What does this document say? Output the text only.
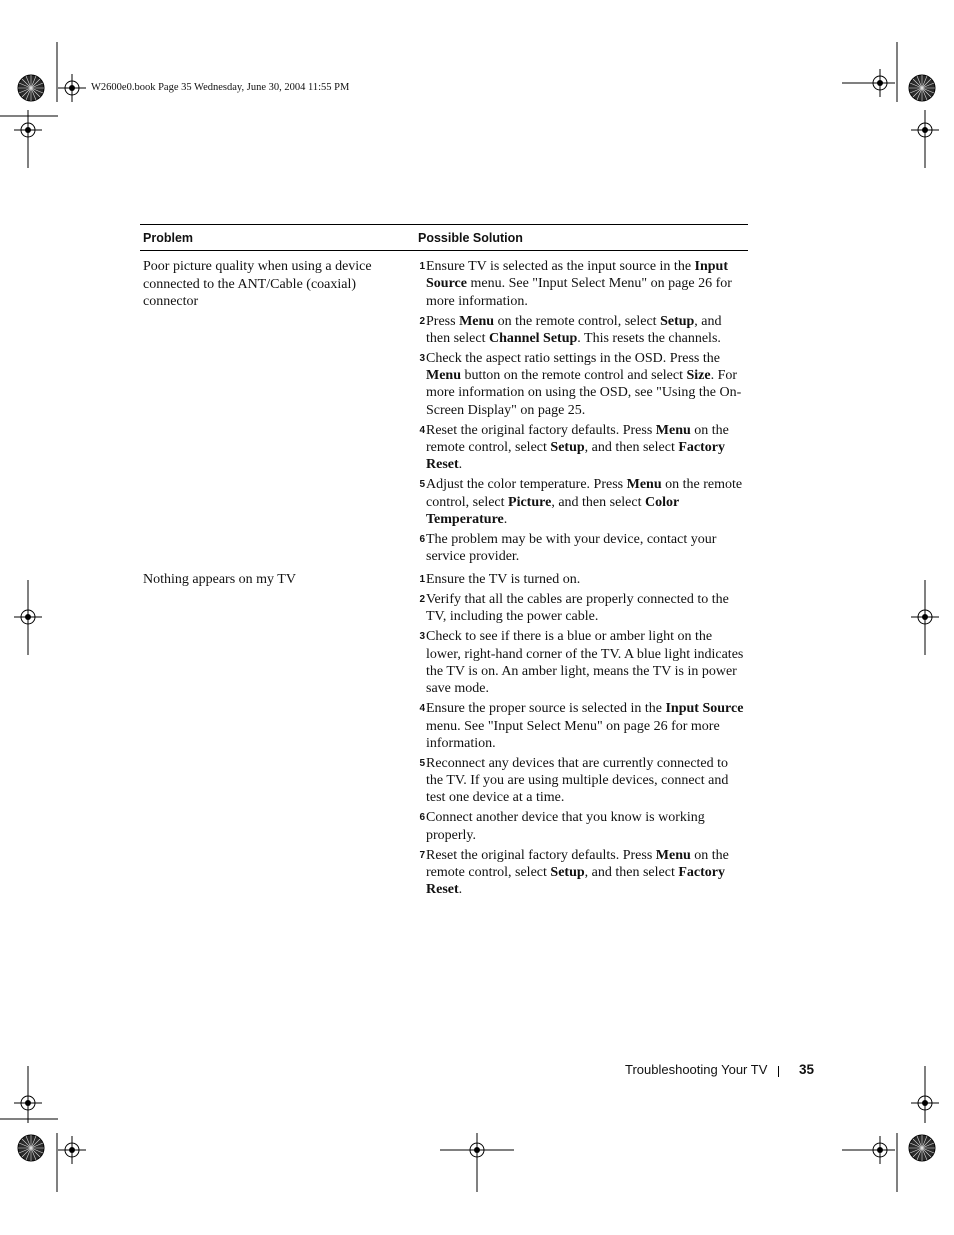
W2600e0.book Page 35 Wednesday, June 30, 2004 11:55 PM
Problem	Possible Solution
Poor picture quality when using a device connected to the ANT/Cable (coaxial) connector
1 Ensure TV is selected as the input source in the Input Source menu. See "Input Select Menu" on page 26 for more information.
2 Press Menu on the remote control, select Setup, and then select Channel Setup. This resets the channels.
3 Check the aspect ratio settings in the OSD. Press the Menu button on the remote control and select Size. For more information on using the OSD, see "Using the On-Screen Display" on page 25.
4 Reset the original factory defaults. Press Menu on the remote control, select Setup, and then select Factory Reset.
5 Adjust the color temperature. Press Menu on the remote control, select Picture, and then select Color Temperature.
6 The problem may be with your device, contact your service provider.
Nothing appears on my TV	1 Ensure the TV is turned on.
2 Verify that all the cables are properly connected to the TV, including the power cable.
3 Check to see if there is a blue or amber light on the lower, right-hand corner of the TV. A blue light indicates the TV is on. An amber light, means the TV is in power save mode.
4 Ensure the proper source is selected in the Input Source menu. See "Input Select Menu" on page 26 for more information.
5 Reconnect any devices that are currently connected to the TV. If you are using multiple devices, connect and test one device at a time.
6 Connect another device that you know is working properly.
7 Reset the original factory defaults. Press Menu on the remote control, select Setup, and then select Factory Reset.
Troubleshooting Your TV 35
